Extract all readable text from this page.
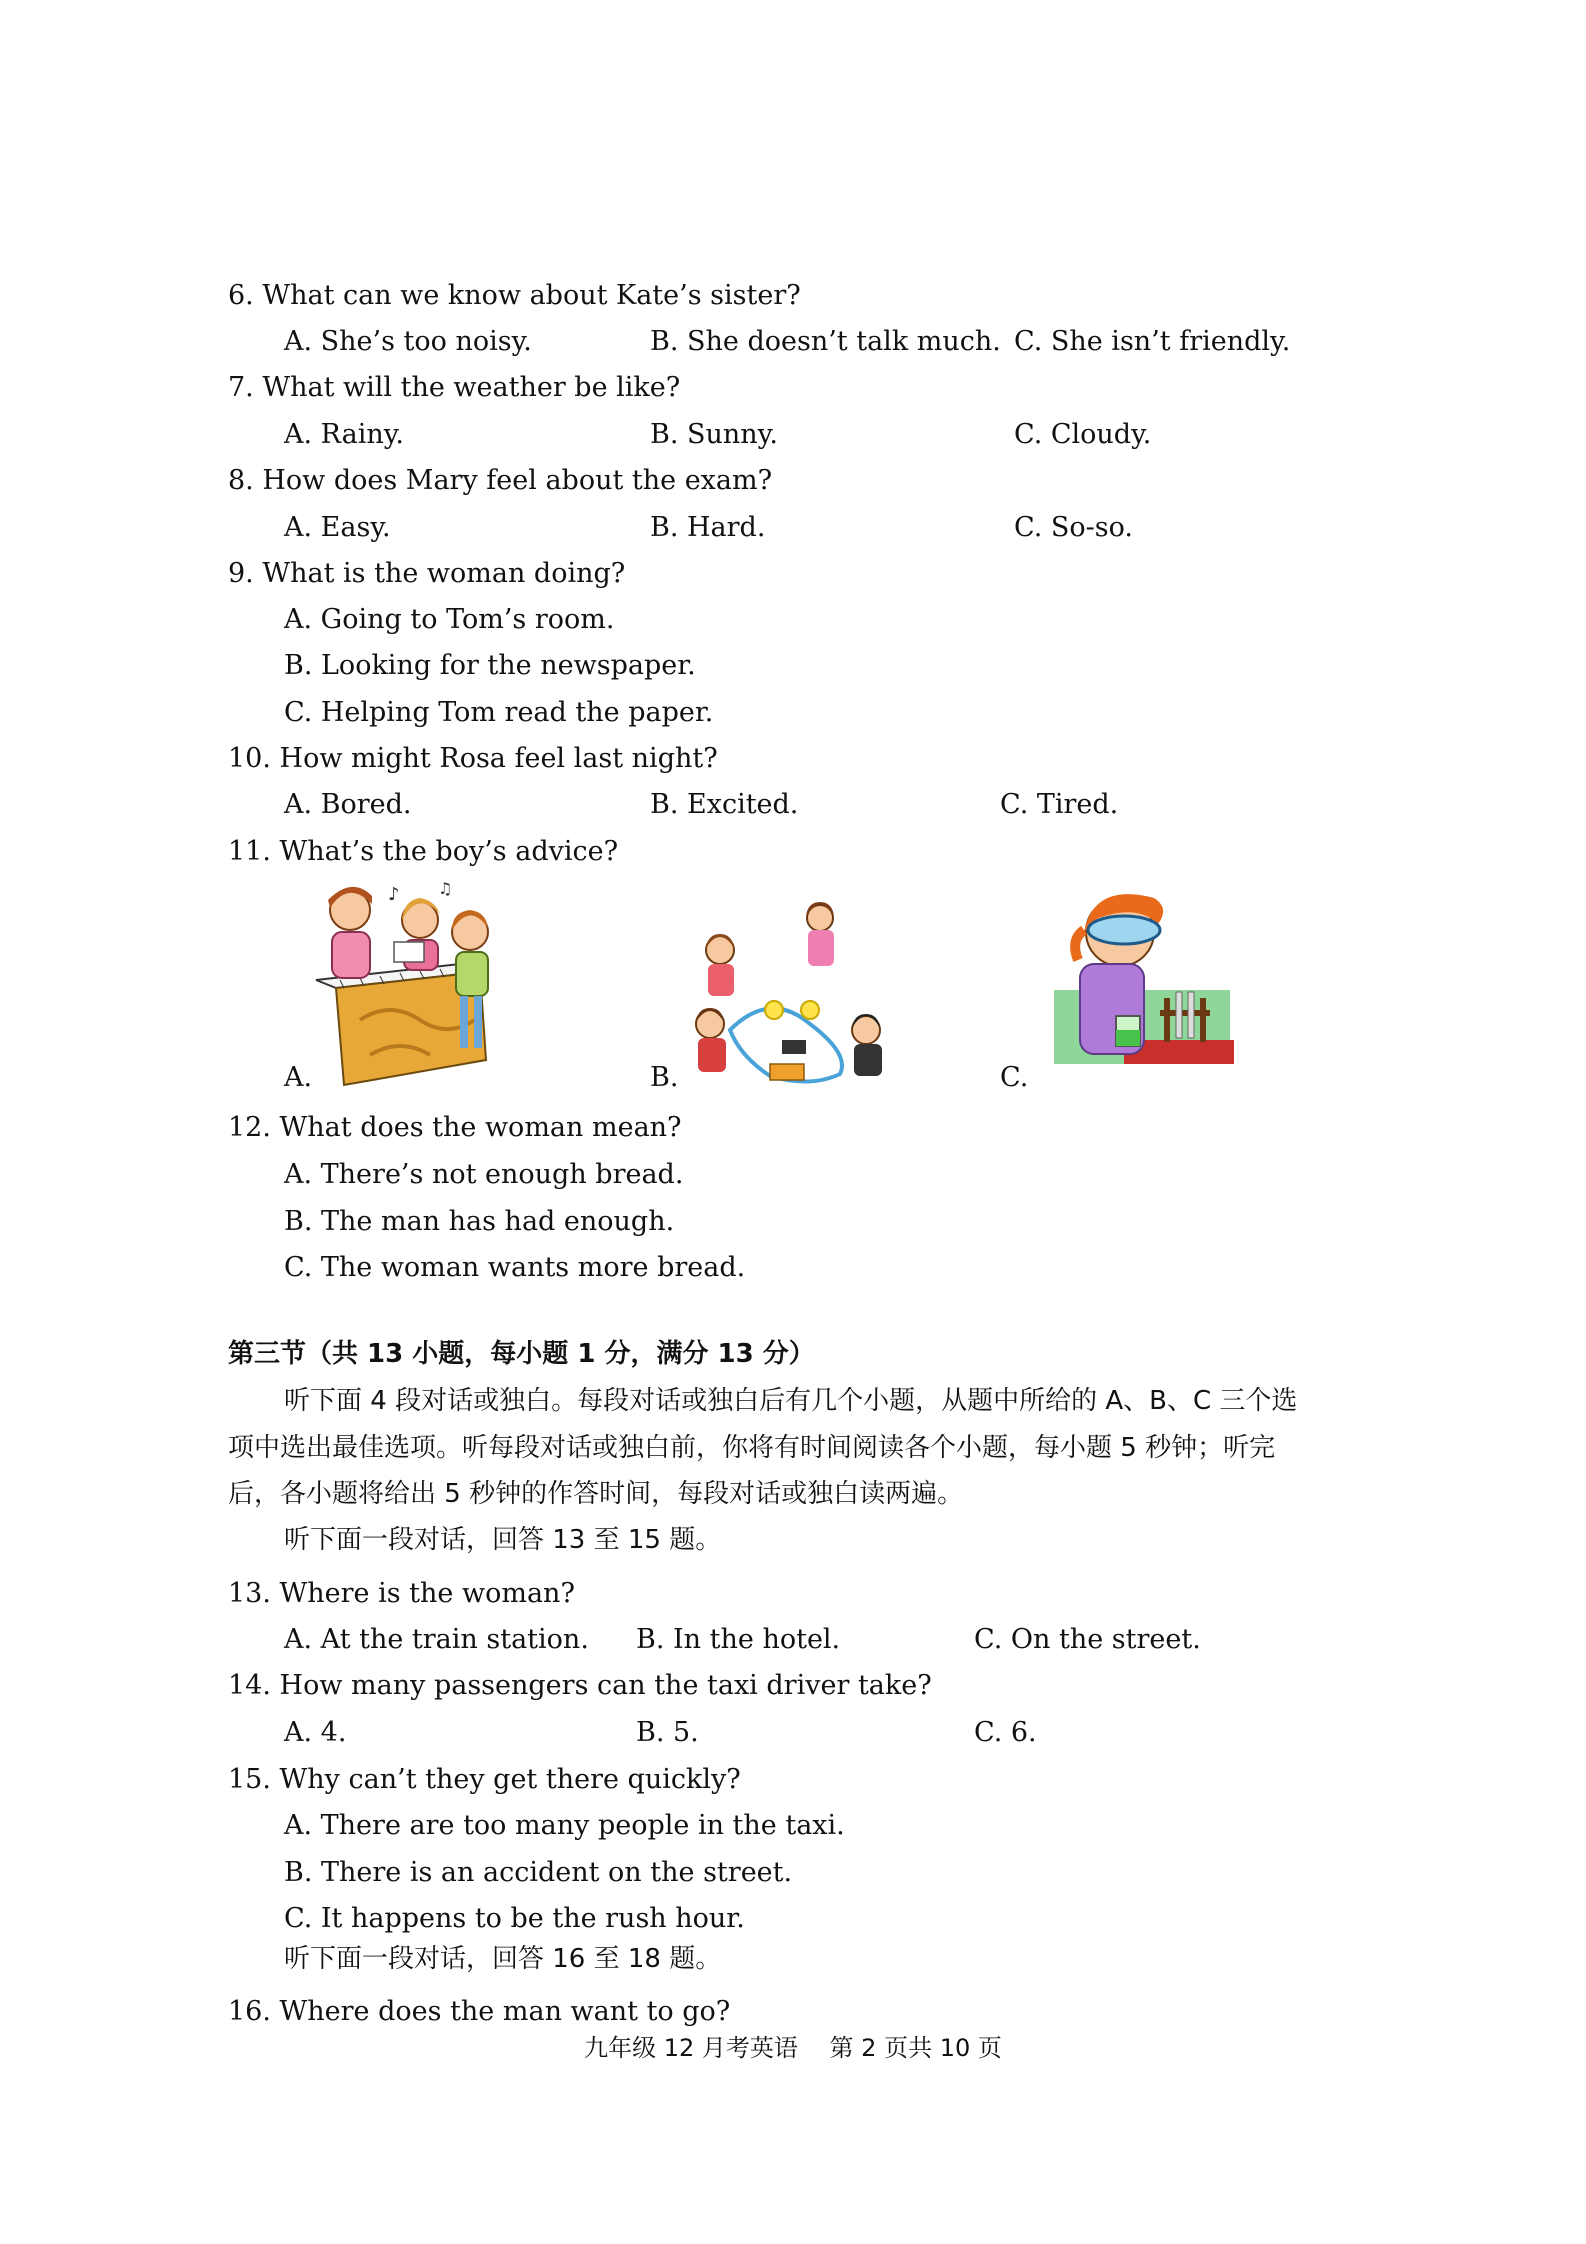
6. What can we know about Kate’s sister?
A. She’s too noisy.	B. She doesn’t talk much. C. She isn’t friendly.
7. What will the weather be like?
A. Rainy.	B. Sunny.	C. Cloudy.
8. How does Mary feel about the exam?
A. Easy.	B. Hard.	C. So-so.
9. What is the woman doing?
A. Going to Tom’s room.
B. Looking for the newspaper.
C. Helping Tom read the paper.
10. How might Rosa feel last night?
A. Bored.	B. Excited.	C. Tired.
11. What’s the boy’s advice?
♪ ♫
A.	B.	C.
12. What does the woman mean?
A. There’s not enough bread.
B. The man has had enough.
C. The woman wants more bread.
第三节（共 13 小题，每小题 1 分，满分 13 分）
听下面 4 段对话或独白。每段对话或独白后有几个小题，从题中所给的 A、B、C 三个选
项中选出最佳选项。听每段对话或独白前，你将有时间阅读各个小题，每小题 5 秒钟；听完
后，各小题将给出 5 秒钟的作答时间，每段对话或独白读两遍。
听下面一段对话，回答 13 至 15 题。
13. Where is the woman?
A. At the train station. B. In the hotel.	C. On the street.
14. How many passengers can the taxi driver take?
A. 4.	B. 5.	C. 6.
15. Why can’t they get there quickly?
A. There are too many people in the taxi.
B. There is an accident on the street.
C. It happens to be the rush hour.
听下面一段对话，回答 16 至 18 题。
16. Where does the man want to go?
九年级 12 月考英语　 第 2 页共 10 页
